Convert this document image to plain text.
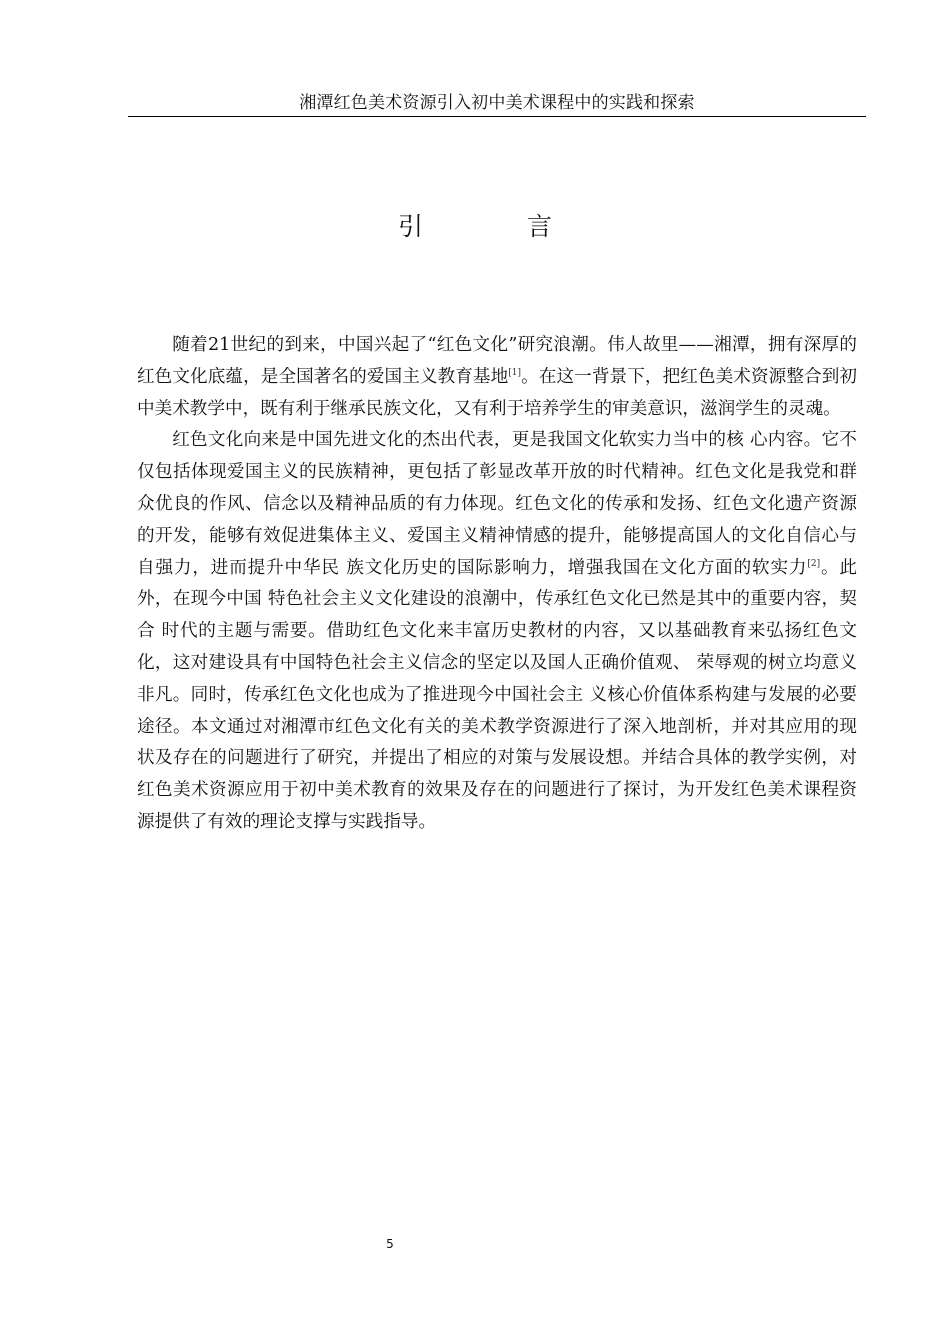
湘潭红色美术资源引入初中美术课程中的实践和探索
引 言

随着21世纪的到来，中国兴起了“红色文化”研究浪潮。伟人故里——湘潭，拥有深厚的红色文化底蕴，是全国著名的爱国主义教育基地[1]。在这一背景下，把红色美术资源整合到初中美术教学中，既有利于继承民族文化，又有利于培养学生的审美意识，滋润学生的灵魂。

红色文化向来是中国先进文化的杰出代表，更是我国文化软实力当中的核 心内容。它不仅包括体现爱国主义的民族精神，更包括了彰显改革开放的时代精神。红色文化是我党和群众优良的作风、信念以及精神品质的有力体现。红色文化的传承和发扬、红色文化遗产资源的开发，能够有效促进集体主义、爱国主义精神情感的提升，能够提高国人的文化自信心与自强力，进而提升中华民 族文化历史的国际影响力，增强我国在文化方面的软实力[2]。此外，在现今中国 特色社会主义文化建设的浪潮中，传承红色文化已然是其中的重要内容，契合 时代的主题与需要。借助红色文化来丰富历史教材的内容，又以基础教育来弘扬红色文化，这对建设具有中国特色社会主义信念的坚定以及国人正确价值观、 荣辱观的树立均意义非凡。同时，传承红色文化也成为了推进现今中国社会主 义核心价值体系构建与发展的必要途径。本文通过对湘潭市红色文化有关的美术教学资源进行了深入地剖析，并对其应用的现状及存在的问题进行了研究，并提出了相应的对策与发展设想。并结合具体的教学实例，对红色美术资源应用于初中美术教育的效果及存在的问题进行了探讨，为开发红色美术课程资源提供了有效的理论支撑与实践指导。

5
